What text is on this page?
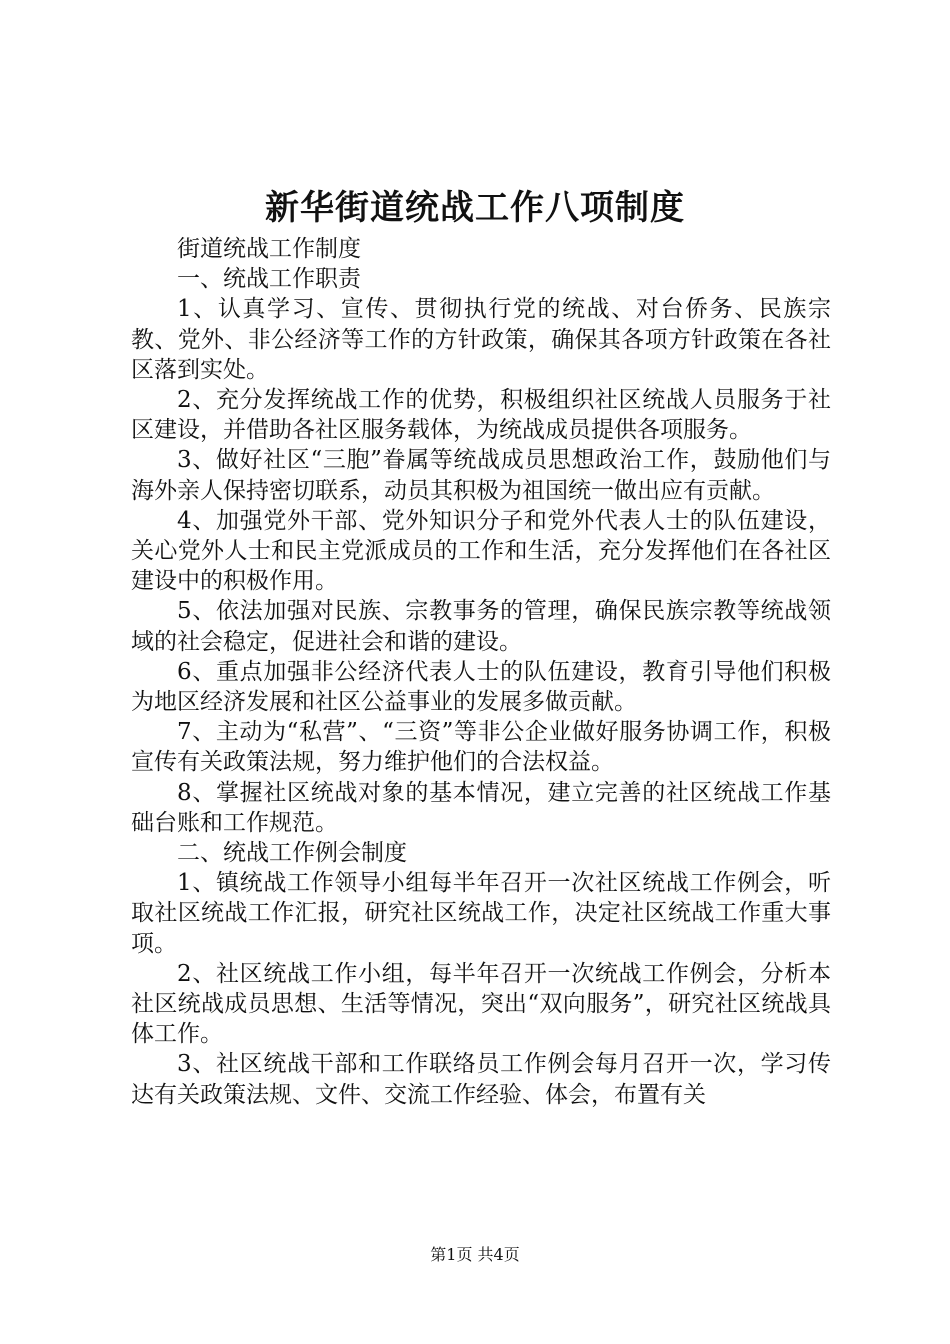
新华街道统战工作八项制度

街道统战工作制度

一、统战工作职责

1、认真学习、宣传、贯彻执行党的统战、对台侨务、民族宗教、党外、非公经济等工作的方针政策，确保其各项方针政策在各社区落到实处。

2、充分发挥统战工作的优势，积极组织社区统战人员服务于社区建设，并借助各社区服务载体，为统战成员提供各项服务。

3、做好社区“三胞”眷属等统战成员思想政治工作，鼓励他们与海外亲人保持密切联系，动员其积极为祖国统一做出应有贡献。

4、加强党外干部、党外知识分子和党外代表人士的队伍建设，关心党外人士和民主党派成员的工作和生活，充分发挥他们在各社区建设中的积极作用。

5、依法加强对民族、宗教事务的管理，确保民族宗教等统战领域的社会稳定，促进社会和谐的建设。

6、重点加强非公经济代表人士的队伍建设，教育引导他们积极为地区经济发展和社区公益事业的发展多做贡献。

7、主动为“私营”、“三资”等非公企业做好服务协调工作，积极宣传有关政策法规，努力维护他们的合法权益。

8、掌握社区统战对象的基本情况，建立完善的社区统战工作基础台账和工作规范。

二、统战工作例会制度

1、镇统战工作领导小组每半年召开一次社区统战工作例会，听取社区统战工作汇报，研究社区统战工作，决定社区统战工作重大事项。

2、社区统战工作小组，每半年召开一次统战工作例会，分析本社区统战成员思想、生活等情况，突出“双向服务”，研究社区统战具体工作。

3、社区统战干部和工作联络员工作例会每月召开一次，学习传达有关政策法规、文件、交流工作经验、体会，布置有关

第1页 共4页
